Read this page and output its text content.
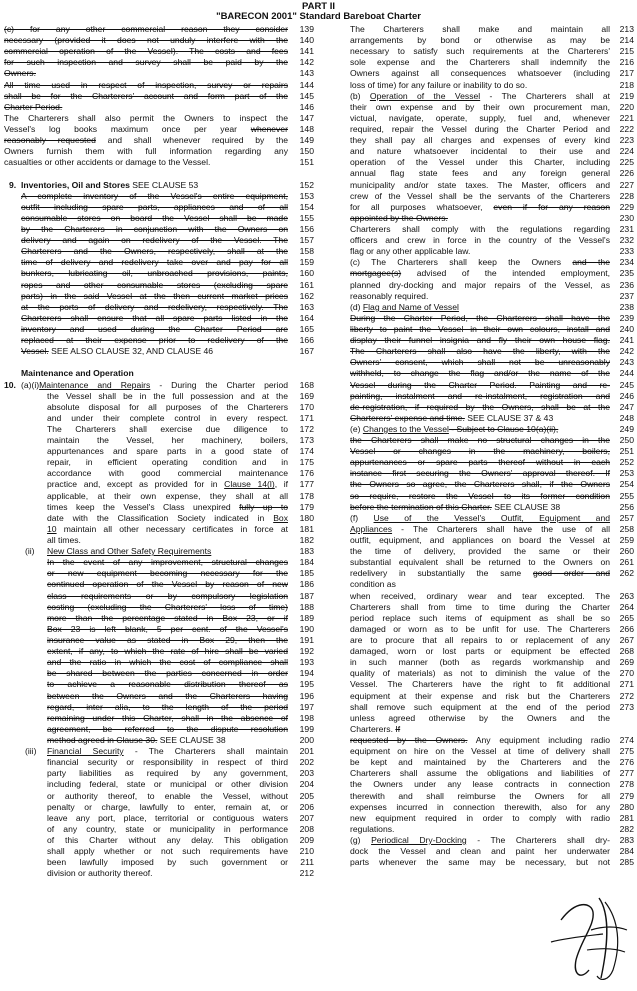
PART II
"BARECON 2001" Standard Bareboat Charter
(c) for any other commercial reason they consider	139
necessary (provided it does not unduly interfere with the	140
commercial operation of the Vessel). The costs and fees	141
for such inspection and survey shall be paid by the	142
Owners.	143
All time used in respect of inspection, survey or repairs	144
shall be for the Charterers' account and form part of the	145
Charter Period.	146
The Charterers shall also permit the Owners to inspect the	147
Vessel's log books maximum once per year whenever	148
reasonably requested and shall whenever required by the	149
Owners furnish them with full information regarding any	150
casualties or other accidents or damage to the Vessel.	151
9. Inventories, Oil and Stores SEE CLAUSE 53	152
A complete inventory of the Vessel's entire equipment,	153
outfit including spare parts, appliances and of all	154
consumable stores on board the Vessel shall be made	155
by the Charterers in conjunction with the Owners on	156
delivery and again on redelivery of the Vessel. The	157
Charterers and the Owners, respectively, shall at the	158
time of delivery and redelivery take over and pay for all	159
bunkers, lubricating oil, unbroached provisions, paints,	160
ropes and other consumable stores (excluding spare	161
parts) in the said Vessel at the then current market prices	162
at the ports of delivery and redelivery, respectively. The	163
Charterers shall ensure that all spare parts listed in the	164
inventory and used during the Charter Period are	165
replaced at their expense prior to redelivery of the	166
Vessel. SEE ALSO CLAUSE 32, AND CLAUSE 46	167
Maintenance and Operation
10. (a)(i)Maintenance and Repairs - During the Charter period	168
the Vessel shall be in the full possession and at the	169
absolute disposal for all purposes of the Charterers	170
and under their complete control in every respect.	171
The Charterers shall exercise due diligence to	172
maintain the Vessel, her machinery, boilers,	173
appurtenances and spare parts in a good state of	174
repair, in efficient operating condition and in	175
accordance with good commercial maintenance	176
practice and, except as provided for in Clause 14(l), if	177
applicable, at their own expense, they shall at all	178
times keep the Vessel's Class unexpired fully up to	179
date with the Classification Society indicated in Box	180
10 maintain all other necessary certificates in force at	181
all times.	182
(ii) New Class and Other Safety Requirements	183
In the event of any improvement, structural changes	184
or new equipment becoming necessary for the	185
continued operation of the Vessel by reason of new	186
class requirements or by compulsory legislation	187
costing (excluding the Charterers' loss of time)	188
more than the percentage stated in Box 23, or if	189
Box 23 is left blank, 5 per cent. of the Vessel's	190
insurance value as stated in Box 29, then the	191
extent, if any, to which the rate of hire shall be varied	192
and the ratio in which the cost of compliance shall	193
be shared between the parties concerned in order	194
to achieve a reasonable distribution thereof as	195
between the Owners and the Charterers having	196
regard, inter alia, to the length of the period	197
remaining under this Charter, shall in the absence of	198
agreement, be referred to the dispute resolution	199
method agreed in Clause 30. SEE CLAUSE 38	200
(iii) Financial Security - The Charterers shall maintain	201
financial security or responsibility in respect of third	202
party liabilities as required by any government,	203
including federal, state or municipal or other division	204
or authority thereof, to enable the Vessel, without	205
penalty or charge, lawfully to enter, remain at, or	206
leave any port, place, territorial or contiguous waters	207
of any country, state or municipality in performance	208
of this Charter without any delay. This obligation	209
shall apply whether or not such requirements have	210
been lawfully imposed by such government or	211
division or authority thereof.	212
The Charterers shall make and maintain all	213
arrangements by bond or otherwise as may be	214
necessary to satisfy such requirements at the Charterers'	215
sole expense and the Charterers shall indemnify the	216
Owners against all consequences whatsoever (including	217
loss of time) for any failure or inability to do so.	218
(b) Operation of the Vessel - The Charterers shall at	219
their own expense and by their own procurement man,	220
victual, navigate, operate, supply, fuel and, whenever	221
required, repair the Vessel during the Charter Period and	222
they shall pay all charges and expenses of every kind	223
and nature whatsoever incidental to their use and	224
operation of the Vessel under this Charter, including	225
annual flag state fees and any foreign general	226
municipality and/or state taxes. The Master, officers and	227
crew of the Vessel shall be the servants of the Charterers	228
for all purposes whatsoever, even if for any reason	229
appointed by the Owners.	230
Charterers shall comply with the regulations regarding	231
officers and crew in force in the country of the Vessel's	232
flag or any other applicable law.	233
(c) The Charterers shall keep the Owners and the	234
mortgagee(s) advised of the intended employment,	235
planned dry-docking and major repairs of the Vessel, as	236
reasonably required.	237
(d) Flag and Name of Vessel	238
During the Charter Period, the Charterers shall have the	239
liberty to paint the Vessel in their own colours, install and	240
display their funnel insignia and fly their own house flag.	241
The Charterers shall also have the liberty, with the	242
Owners' consent, which shall not be unreasonably	243
withheld, to change the flag and/or the name of the	244
Vessel during the Charter Period. Painting and re-	245
painting, instalment and re-instalment, registration and	246
de-registration, if required by the Owners, shall be at the	247
Charterers' expense and time. SEE CLAUSE 37 & 43	248
(e) Changes to the Vessel - Subject to Clause 10(a)(ii),	249
the Charterers shall make no structural changes in the	250
Vessel or changes in the machinery, boilers,	251
appurtenances or spare parts thereof without in each	252
instance first securing the Owners' approval thereof. If	253
the Owners so agree, the Charterers shall, if the Owners	254
so require, restore the Vessel to its former condition	255
before the termination of this Charter. SEE CLAUSE 38	256
(f) Use of the Vessel's Outfit, Equipment and	257
Appliances - The Charterers shall have the use of all	258
outfit, equipment, and appliances on board the Vessel at	259
the time of delivery, provided the same or their	260
substantial equivalent shall be returned to the Owners on	261
redelivery in substantially the same good order and	262
condition as
when received, ordinary wear and tear excepted. The	263
Charterers shall from time to time during the Charter	264
period replace such items of equipment as shall be so	265
damaged or worn as to be unfit for use. The Charterers	266
are to procure that all repairs to or replacement of any	267
damaged, worn or lost parts or equipment be effected	268
in such manner (both as regards workmanship and	269
quality of materials) as not to diminish the value of the	270
Vessel. The Charterers have the right to fit additional	271
equipment at their expense and risk but the Charterers	272
shall remove such equipment at the end of the period	273
unless agreed otherwise by the Owners and the
Charterers. If
requested by the Owners. Any equipment including radio	274
equipment on hire on the Vessel at time of delivery shall	275
be kept and maintained by the Charterers and the	276
Charterers shall assume the obligations and liabilities of	277
the Owners under any lease contracts in connection	278
therewith and shall reimburse the Owners for all	279
expenses incurred in connection therewith, also for any	280
new equipment required in order to comply with radio	281
regulations.	282
(g) Periodical Dry-Docking - The Charterers shall dry-	283
dock the Vessel and clean and paint her underwater	284
parts whenever the same may be necessary, but not	285
